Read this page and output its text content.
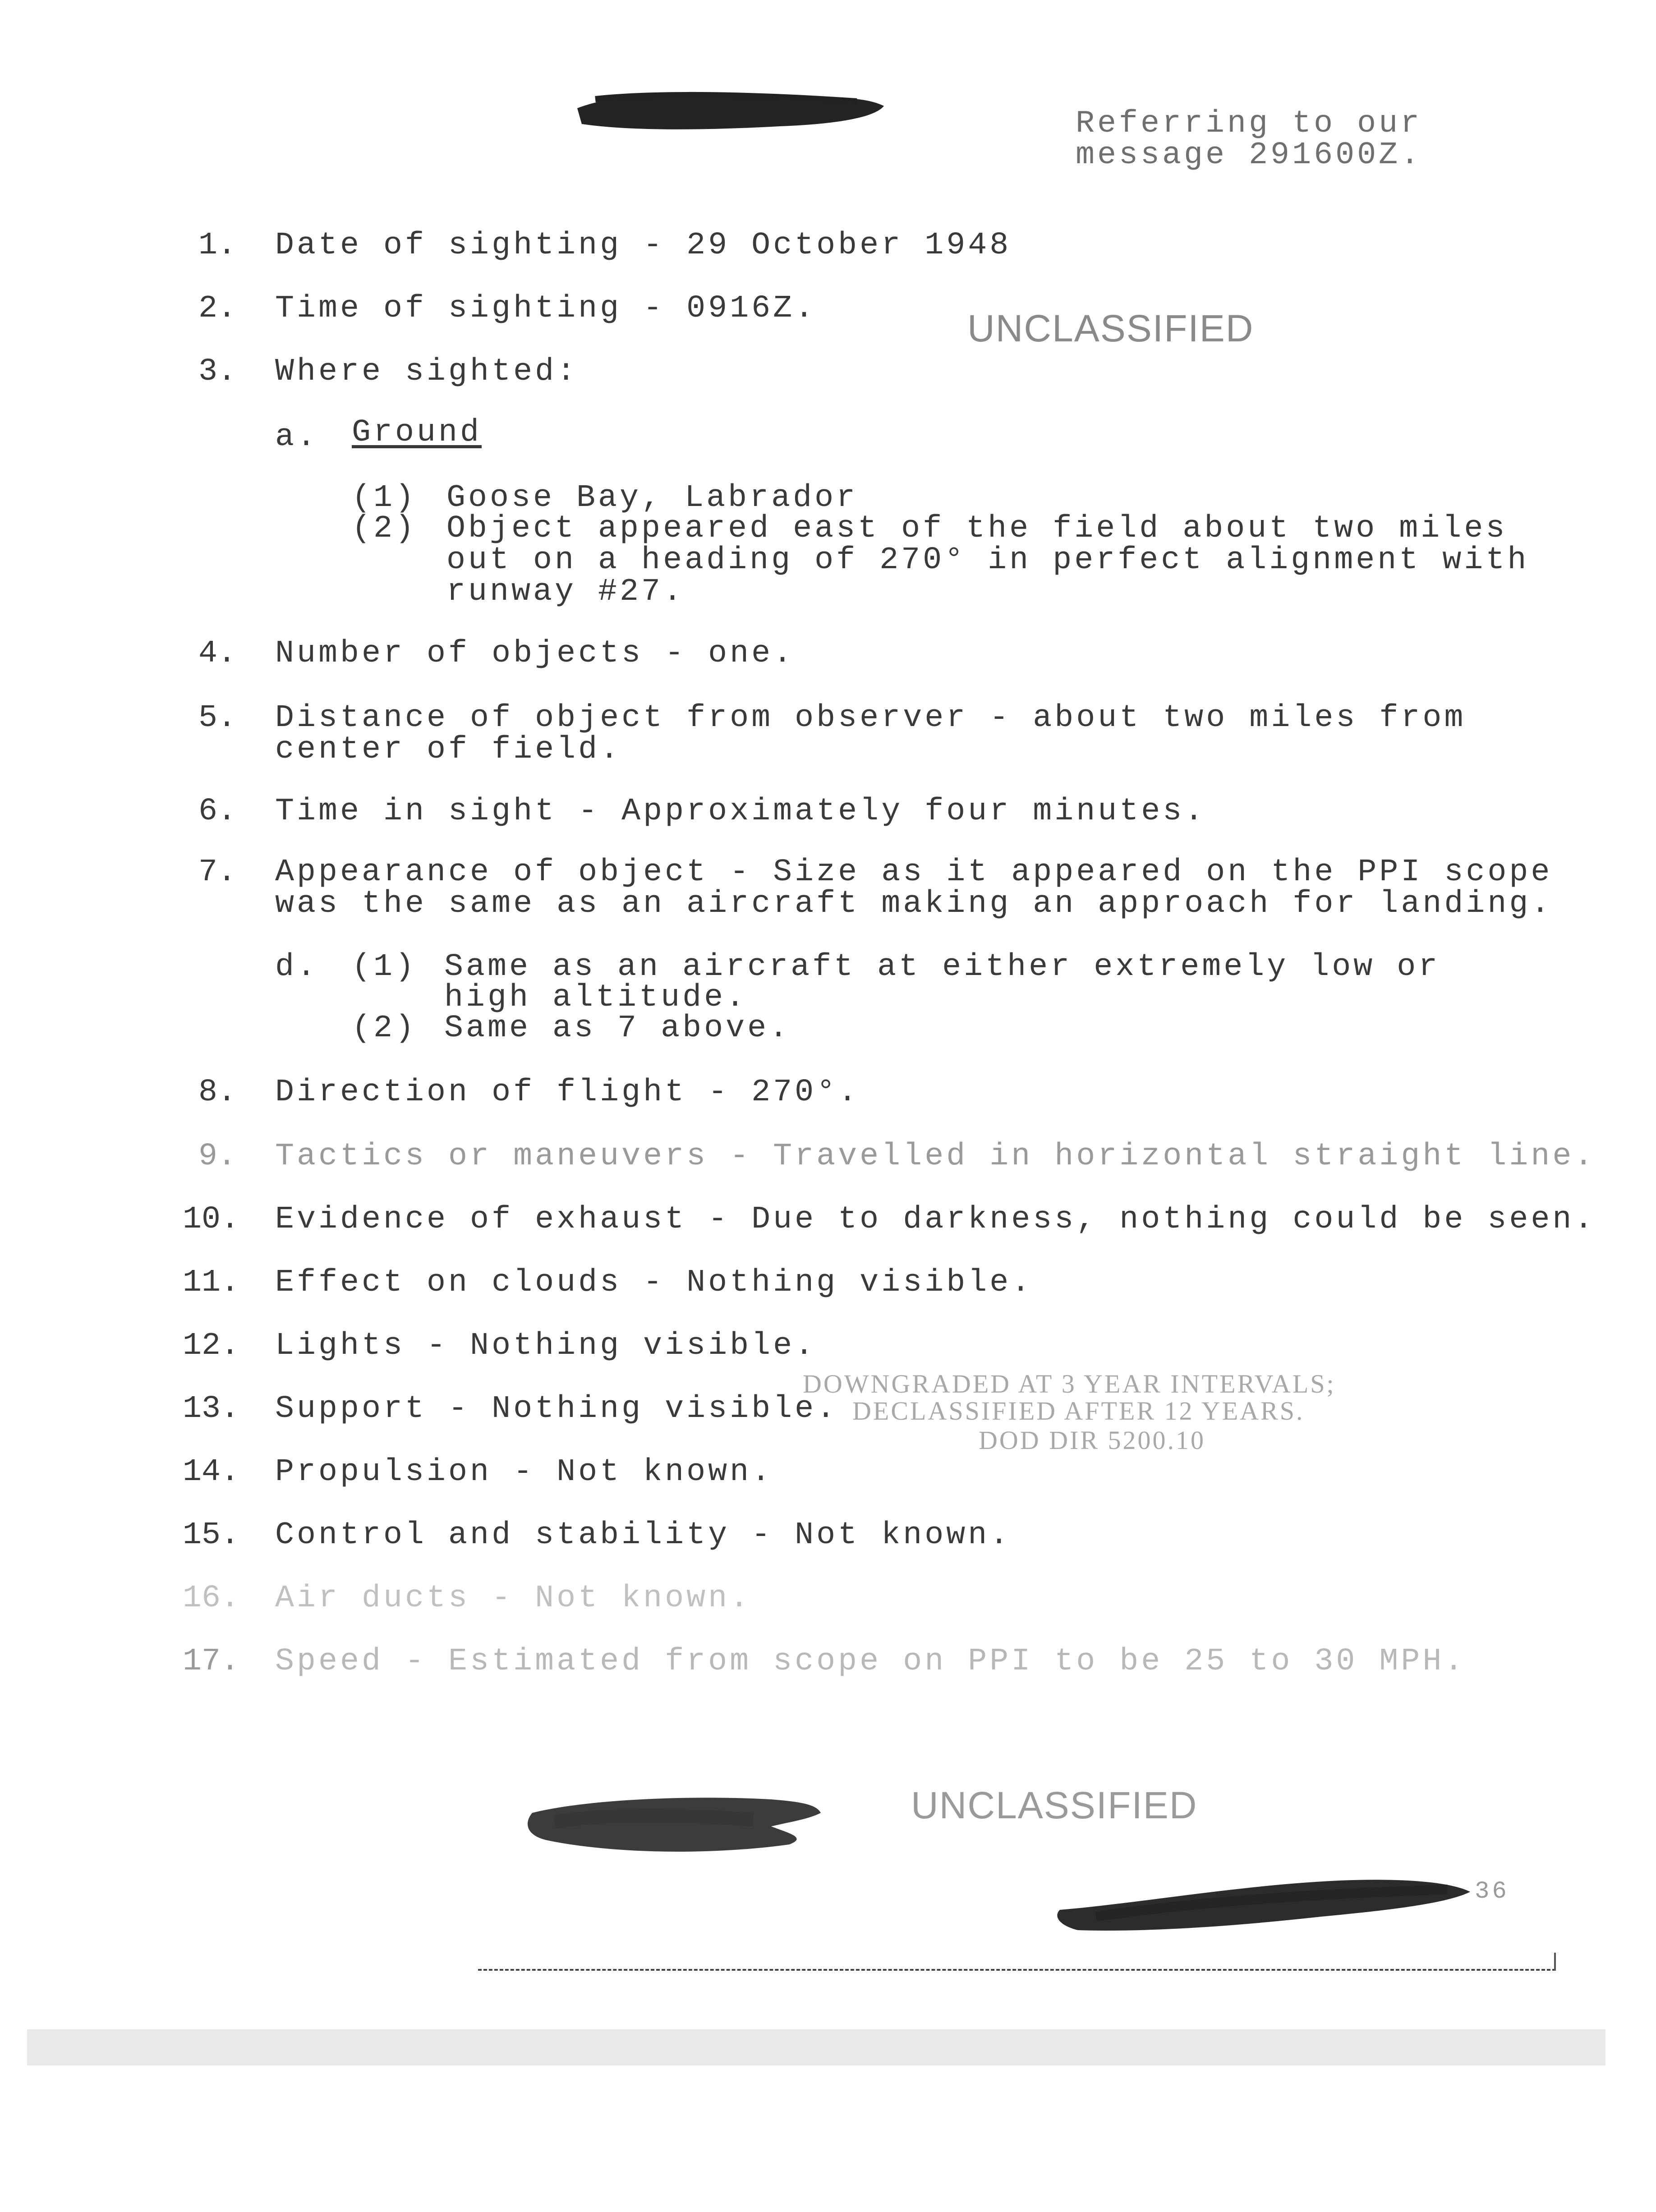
Referring to our
message 291600Z.
UNCLASSIFIED
1. Date of sighting - 29 October 1948
2. Time of sighting - 0916Z.
3. Where sighted:
a. Ground
(1) Goose Bay, Labrador
(2) Object appeared east of the field about two miles
out on a heading of 270° in perfect alignment with
runway #27.
4. Number of objects - one.
5. Distance of object from observer - about two miles from
center of field.
6. Time in sight - Approximately four minutes.
7. Appearance of object - Size as it appeared on the PPI scope
was the same as an aircraft making an approach for landing.
d. (1) Same as an aircraft at either extremely low or
high altitude.
(2) Same as 7 above.
8. Direction of flight - 270°.
9. Tactics or maneuvers - Travelled in horizontal straight line.
10. Evidence of exhaust - Due to darkness, nothing could be seen.
11. Effect on clouds - Nothing visible.
12. Lights - Nothing visible.
13. Support - Nothing visible.
DOWNGRADED AT 3 YEAR INTERVALS;
DECLASSIFIED AFTER 12 YEARS.
DOD DIR 5200.10
14. Propulsion - Not known.
15. Control and stability - Not known.
16. Air ducts - Not known.
17. Speed - Estimated from scope on PPI to be 25 to 30 MPH.
UNCLASSIFIED
36
